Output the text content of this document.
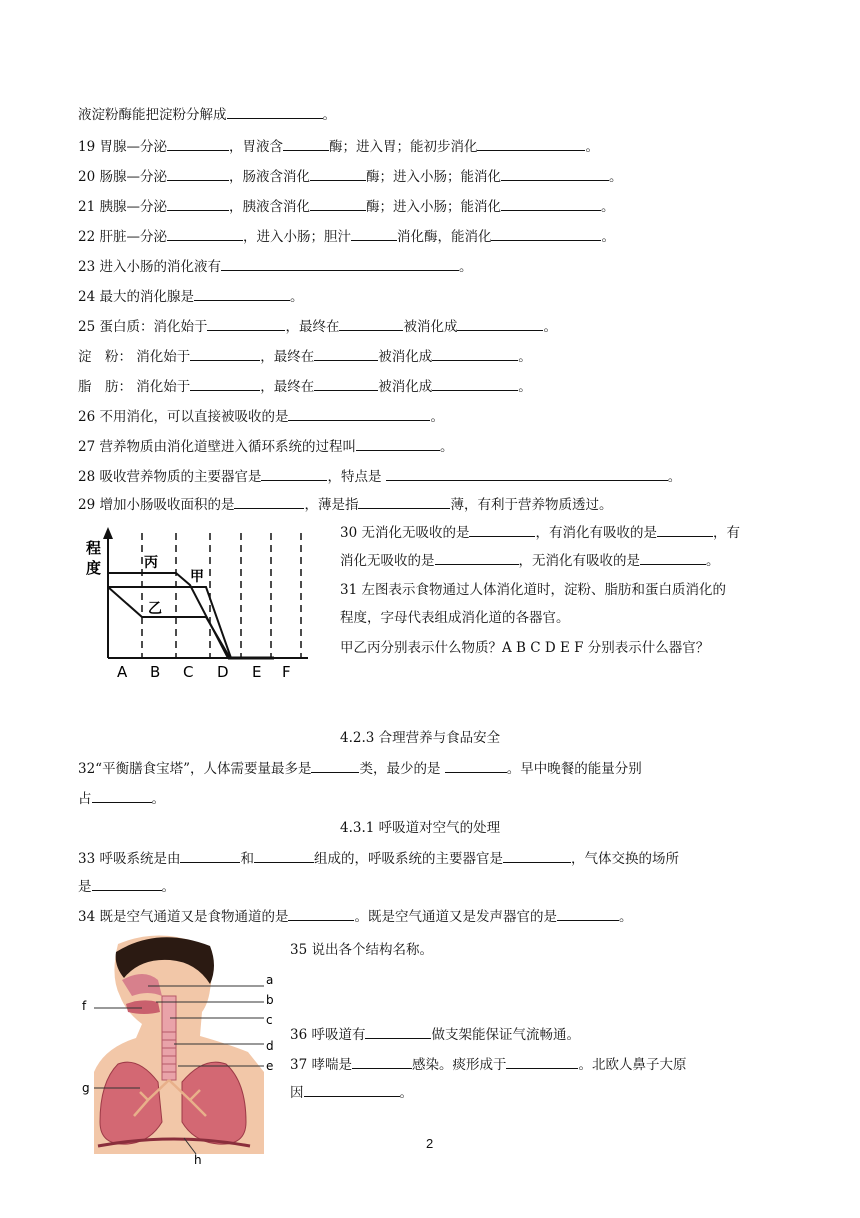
液淀粉酶能把淀粉分解成	。
19 胃腺—分泌	，胃液含	酶；进入胃；能初步消化	。
20 肠腺—分泌	，肠液含消化	酶；进入小肠；能消化	。
21 胰腺—分泌	，胰液含消化	酶；进入小肠；能消化	。
22 肝脏—分泌	，进入小肠；胆汁	消化酶，能消化	。
23 进入小肠的消化液有	。
24 最大的消化腺是	。
25 蛋白质：消化始于	，最终在	被消化成	。
淀　粉： 消化始于	，最终在	被消化成	。
脂　肪： 消化始于	，最终在	被消化成	。
26 不用消化，可以直接被吸收的是	。
27 营养物质由消化道壁进入循环系统的过程叫	。
28 吸收营养物质的主要器官是	，特点是	。
29 增加小肠吸收面积的是	，薄是指	薄，有利于营养物质透过。
程
度	丙
甲
乙
A B C D E F
30 无消化无吸收的是	，有消化有吸收的是	，有
消化无吸收的是	，无消化有吸收的是	。
31 左图表示食物通过人体消化道时，淀粉、脂肪和蛋白质消化的
程度，字母代表组成消化道的各器官。
甲乙丙分别表示什么物质？A B C D E F 分别表示什么器官？
4.2.3 合理营养与食品安全
32“平衡膳食宝塔”，人体需要量最多是	类，最少的是	。早中晚餐的能量分别
占	。
4.3.1 呼吸道对空气的处理
33 呼吸系统是由	和	组成的，呼吸系统的主要器官是	，气体交换的场所
是	。
34 既是空气通道又是食物通道的是	。既是空气通道又是发声器官的是	。
a
b
c
d
e
f
g
h
35 说出各个结构名称。
36 呼吸道有	做支架能保证气流畅通。
37 哮喘是	感染。痰形成于	。北欧人鼻子大原
因	。
2
